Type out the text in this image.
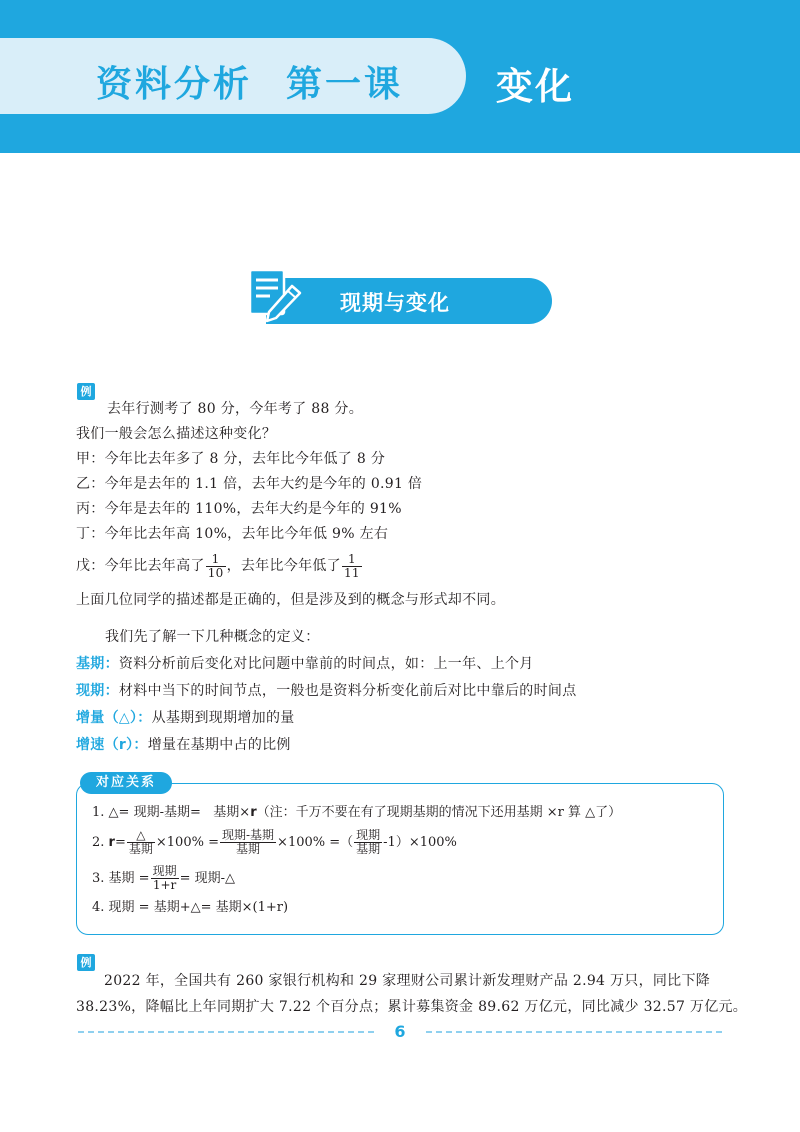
资料分析 第一课	变化
现期与变化
例
去年行测考了 80 分，今年考了 88 分。
我们一般会怎么描述这种变化？
甲：今年比去年多了 8 分，去年比今年低了 8 分
乙：今年是去年的 1.1 倍，去年大约是今年的 0.91 倍
丙：今年是去年的 110%，去年大约是今年的 91%
丁：今年比去年高 10%，去年比今年低 9% 左右
戊：今年比去年高了 $\frac{1}{10}$ ，去年比今年低了 $\frac{1}{11}$
上面几位同学的描述都是正确的，但是涉及到的概念与形式却不同。
我们先了解一下几种概念的定义：
基期：资料分析前后变化对比问题中靠前的时间点，如：上一年、上个月
现期：材料中当下的时间节点，一般也是资料分析变化前后对比中靠后的时间点
增量（△）：从基期到现期增加的量
增速（r）：增量在基期中占的比例
对应关系
1. △= 现期-基期= 基期×r（注：千万不要在有了现期基期的情况下还用基期 ×r 算 △了）
2. $r= \frac{\triangle}{\text{基期}} \times 100\% = \frac{\text{现期-基期}}{\text{基期}} \times 100\%$ =（ $\frac{\text{现期}}{\text{基期}} -1)\times 100\%$
3. 基期 = $\frac{\text{现期}}{1+r}$ = 现期-△
4. 现期 = 基期+△= 基期×(1+r)
例
2022 年，全国共有 260 家银行机构和 29 家理财公司累计新发理财产品 2.94 万只，同比下降
38.23%，降幅比上年同期扩大 7.22 个百分点；累计募集资金 89.62 万亿元，同比减少 32.57 万亿元。
6
